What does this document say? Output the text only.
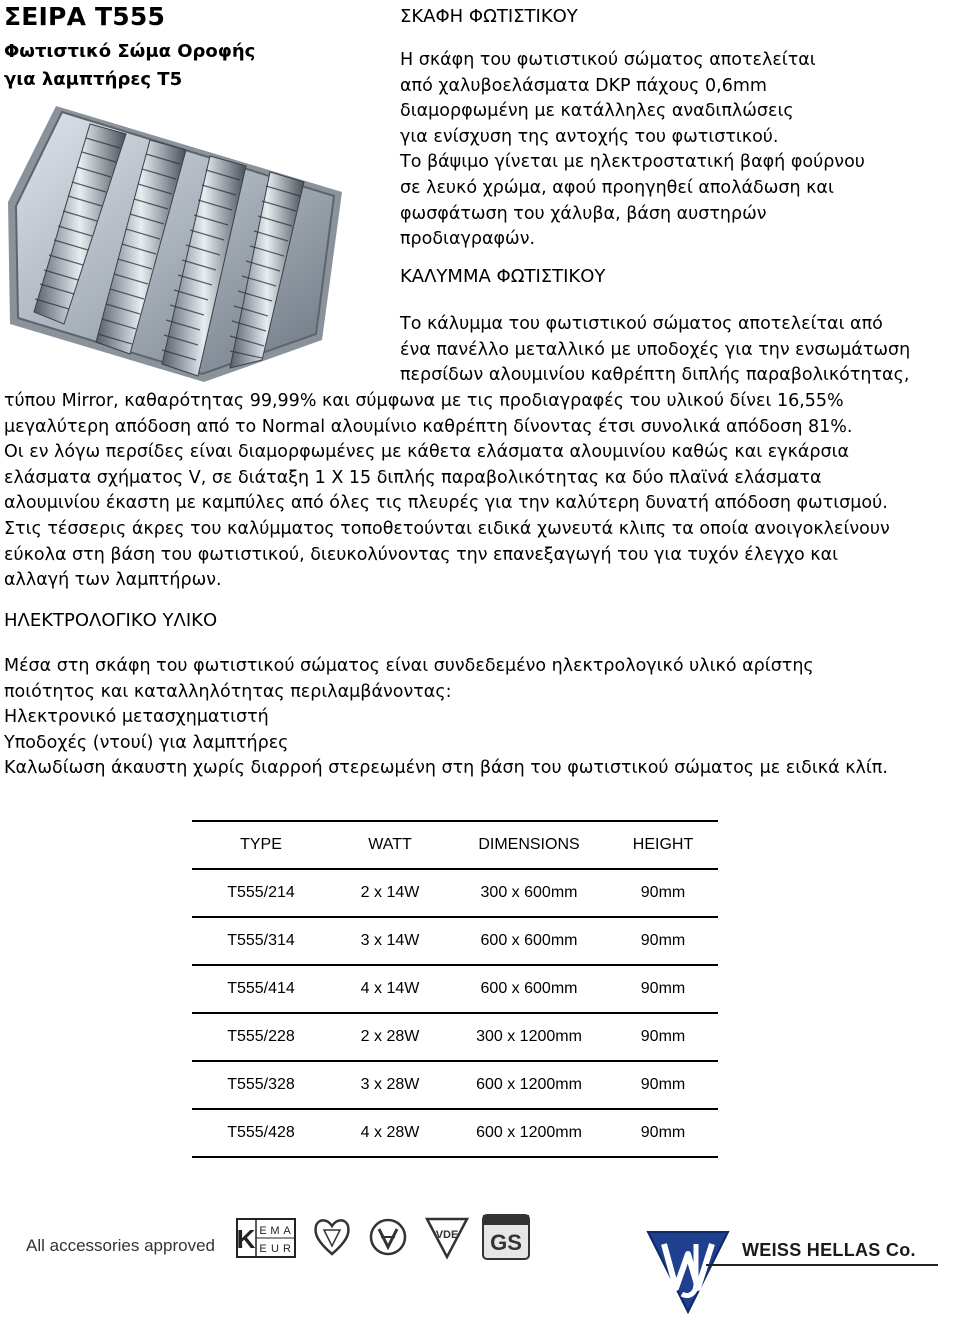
ΣΕΙΡΑ Τ555
Φωτιστικό Σώμα Οροφής
για λαμπτήρες Τ5
ΣΚΑΦΗ ΦΩΤΙΣΤΙΚΟΥ
Η σκάφη του φωτιστικού σώματος αποτελείται
από χαλυβοελάσματα DKP πάχους 0,6mm
διαμορφωμένη με κατάλληλες αναδιπλώσεις
για ενίσχυση της αντοχής του φωτιστικού.
Το βάψιμο γίνεται με ηλεκτροστατική βαφή φούρνου
σε λευκό χρώμα, αφού προηγηθεί απολάδωση και
φωσφάτωση του χάλυβα, βάση αυστηρών
προδιαγραφών.
ΚΑΛΥΜΜΑ ΦΩΤΙΣΤΙΚΟΥ
Το κάλυμμα του φωτιστικού σώματος αποτελείται από
ένα πανέλλο μεταλλικό με υποδοχές για την ενσωμάτωση
περσίδων αλουμινίου καθρέπτη διπλής παραβολικότητας,
τύπου Mirror, καθαρότητας 99,99% και σύμφωνα με τις προδιαγραφές του υλικού δίνει 16,55%
μεγαλύτερη απόδοση από το Normal αλουμίνιο καθρέπτη δίνοντας έτσι συνολικά απόδοση 81%.
Οι εν λόγω περσίδες είναι διαμορφωμένες με κάθετα ελάσματα αλουμινίου καθώς και εγκάρσια
ελάσματα σχήματος V, σε διάταξη 1 Χ 15 διπλής παραβολικότητας κα δύο πλαϊνά ελάσματα
αλουμινίου έκαστη με καμπύλες από όλες τις πλευρές για την καλύτερη δυνατή απόδοση φωτισμού.
Στις τέσσερις άκρες του καλύμματος τοποθετούνται ειδικά χωνευτά κλιπς τα οποία ανοιγοκλείνουν
εύκολα στη βάση του φωτιστικού, διευκολύνοντας την επανεξαγωγή του για τυχόν έλεγχο και
αλλαγή των λαμπτήρων.
ΗΛΕΚΤΡΟΛΟΓΙΚΟ ΥΛΙΚΟ
Μέσα στη σκάφη του φωτιστικού σώματος είναι συνδεδεμένο ηλεκτρολογικό υλικό αρίστης
ποιότητος και καταλληλότητας περιλαμβάνοντας:
Ηλεκτρονικό μετασχηματιστή
Υποδοχές (ντουί) για λαμπτήρες
Καλωδίωση άκαυστη χωρίς διαρροή στερεωμένη στη βάση του φωτιστικού σώματος με ειδικά κλίπ.
TYPE	WATT	DIMENSIONS	HEIGHT
T555/214	2 x 14W	300 x 600mm	90mm
T555/314	3 x 14W	600 x 600mm	90mm
T555/414	4 x 14W	600 x 600mm	90mm
T555/228	2 x 28W	300 x 1200mm	90mm
T555/328	3 x 28W	600 x 1200mm	90mm
T555/428	4 x 28W	600 x 1200mm	90mm
All accessories approved K E M A
E U R
VDE GS	WEISS HELLAS Co.
